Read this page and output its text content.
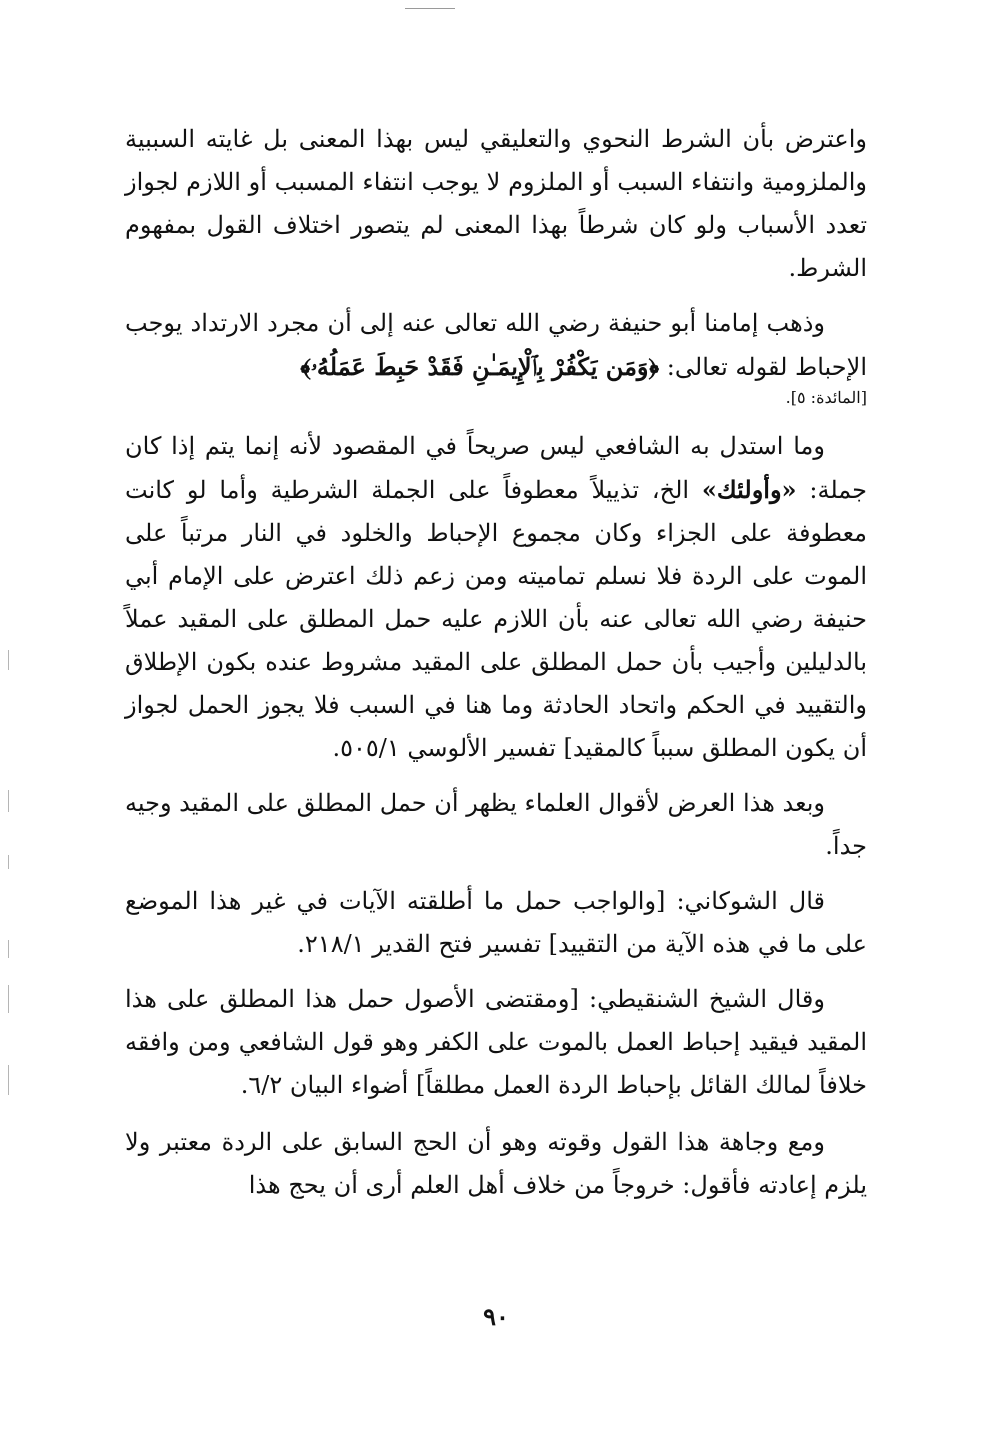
واعترض بأن الشرط النحوي والتعليقي ليس بهذا المعنى بل غايته السببية والملزومية وانتفاء السبب أو الملزوم لا يوجب انتفاء المسبب أو اللازم لجواز تعدد الأسباب ولو كان شرطاً بهذا المعنى لم يتصور اختلاف القول بمفهوم الشرط.

وذهب إمامنا أبو حنيفة رضي الله تعالى عنه إلى أن مجرد الارتداد يوجب الإحباط لقوله تعالى: ﴿وَمَن يَكْفُرْ بِٱلْإِيمَـٰنِ فَقَدْ حَبِطَ عَمَلُهُۥ﴾

[المائدة: ٥].

وما استدل به الشافعي ليس صريحاً في المقصود لأنه إنما يتم إذا كان جملة: «وأولئك» الخ، تذييلاً معطوفاً على الجملة الشرطية وأما لو كانت معطوفة على الجزاء وكان مجموع الإحباط والخلود في النار مرتباً على الموت على الردة فلا نسلم تماميته ومن زعم ذلك اعترض على الإمام أبي حنيفة رضي الله تعالى عنه بأن اللازم عليه حمل المطلق على المقيد عملاً بالدليلين وأجيب بأن حمل المطلق على المقيد مشروط عنده بكون الإطلاق والتقييد في الحكم واتحاد الحادثة وما هنا في السبب فلا يجوز الحمل لجواز أن يكون المطلق سبباً كالمقيد] تفسير الألوسي ٥٠٥/١.

وبعد هذا العرض لأقوال العلماء يظهر أن حمل المطلق على المقيد وجيه جداً.

قال الشوكاني: [والواجب حمل ما أطلقته الآيات في غير هذا الموضع على ما في هذه الآية من التقييد] تفسير فتح القدير ٢١٨/١.

وقال الشيخ الشنقيطي: [ومقتضى الأصول حمل هذا المطلق على هذا المقيد فيقيد إحباط العمل بالموت على الكفر وهو قول الشافعي ومن وافقه خلافاً لمالك القائل بإحباط الردة العمل مطلقاً] أضواء البيان ٦/٢.

ومع وجاهة هذا القول وقوته وهو أن الحج السابق على الردة معتبر ولا يلزم إعادته فأقول: خروجاً من خلاف أهل العلم أرى أن يحج هذا

٩٠
